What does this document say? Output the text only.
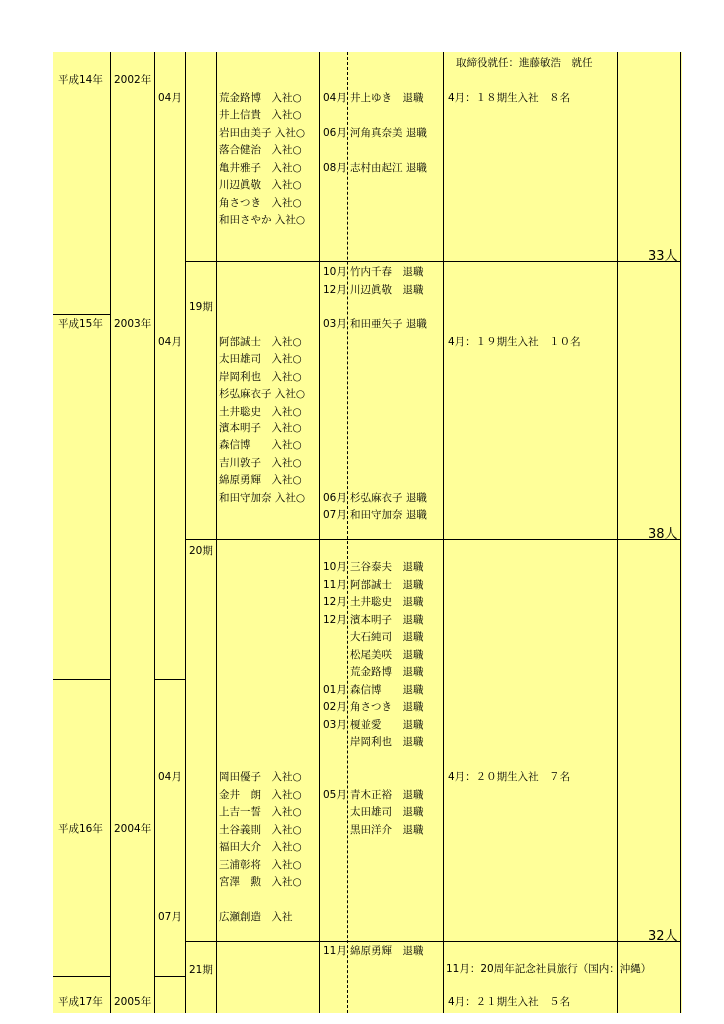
平成14年 2002年
平成15年 2003年
平成16年 2004年
平成17年 2005年
04月
04月
04月
07月
19期
20期
21期
荒金路博　入社○
井上信貴　入社○
岩田由美子 入社○
落合健治　入社○
亀井雅子　入社○
川辺眞敬　入社○
角さつき　入社○
和田さやか 入社○
阿部誠士　入社○
太田雄司　入社○
岸岡利也　入社○
杉弘麻衣子 入社○
土井聡史　入社○
濱本明子　入社○
森信博　　入社○
吉川敦子　入社○
綿原勇輝　入社○
和田守加奈 入社○
岡田優子　入社○
金井　朗　入社○
上吉一誓　入社○
土谷義則　入社○
福田大介　入社○
三浦彰将　入社○
宮澤　勲　入社○
広瀬創造　入社
04月 井上ゆき　退職
06月 河角真奈美 退職
08月 志村由起江 退職
10月 竹内千春　退職
12月 川辺眞敬　退職
03月 和田亜矢子 退職
06月 杉弘麻衣子 退職
07月 和田守加奈 退職
10月 三谷泰夫　退職
11月 阿部誠士　退職
12月 土井聡史　退職
12月 濱本明子　退職
大石純司　退職
松尾美咲　退職
荒金路博　退職
01月 森信博　　退職
02月 角さつき　退職
03月 榎並愛　　退職
岸岡利也　退職
05月 青木正裕　退職
太田雄司　退職
黒田洋介　退職
11月 綿原勇輝　退職
取締役就任：進藤敏浩　就任
4月：１８期生入社　８名
4月：１９期生入社　１０名
4月：２０期生入社　７名
11月：20周年記念社員旅行（国内：沖縄）
4月：２１期生入社　５名
33人
38人
32人
